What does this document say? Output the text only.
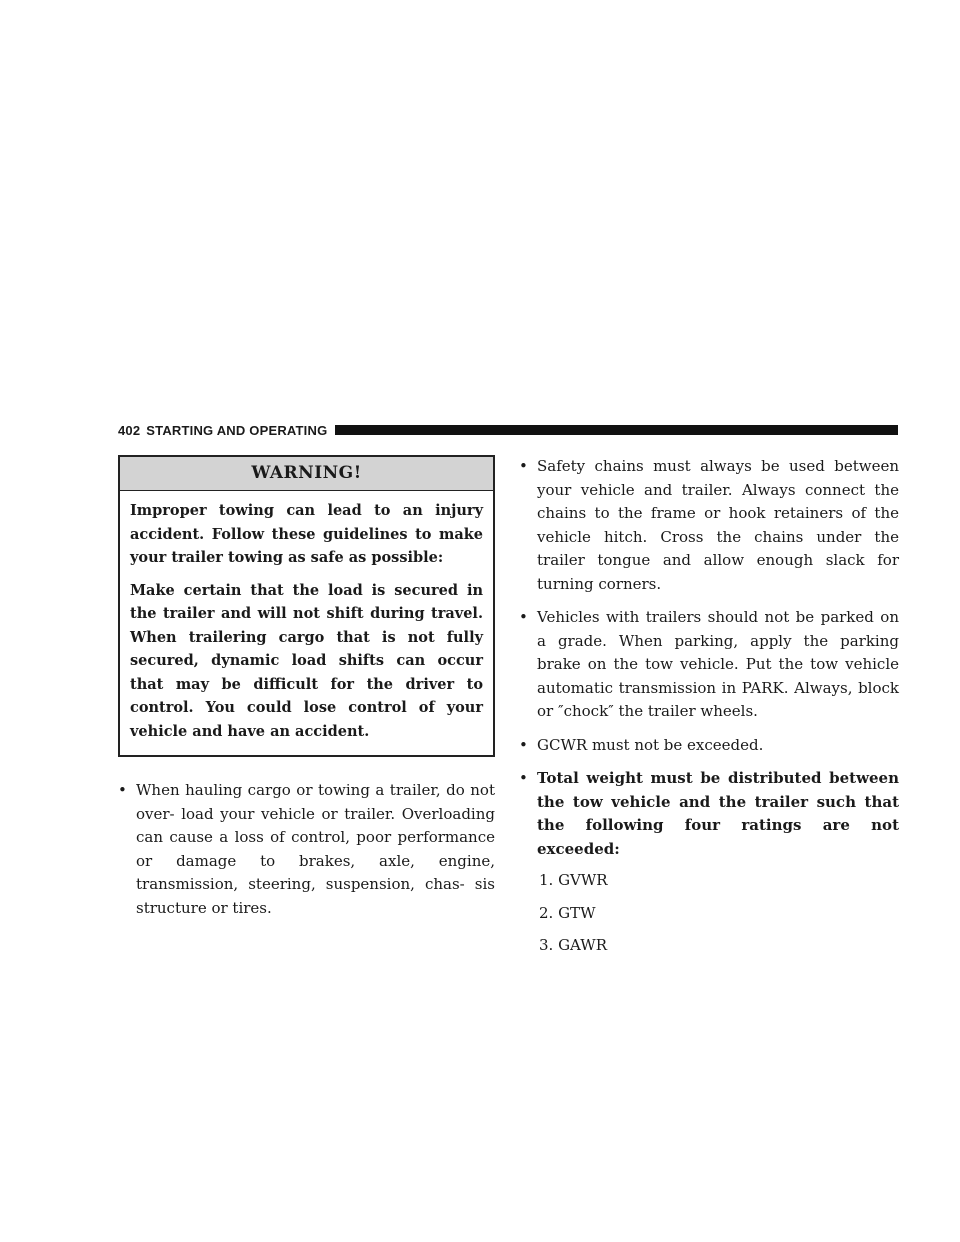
402 STARTING AND OPERATING
WARNING!

Improper towing can lead to an injury accident. Follow these guidelines to make your trailer towing as safe as possible:

Make certain that the load is secured in the trailer and will not shift during travel. When trailering cargo that is not fully secured, dynamic load shifts can occur that may be difficult for the driver to control. You could lose control of your vehicle and have an accident.

• When hauling cargo or towing a trailer, do not over- load your vehicle or trailer. Overloading can cause a loss of control, poor performance or damage to brakes, axle, engine, transmission, steering, suspension, chas- sis structure or tires.
• Safety chains must always be used between your vehicle and trailer. Always connect the chains to the frame or hook retainers of the vehicle hitch. Cross the chains under the trailer tongue and allow enough slack for turning corners.
• Vehicles with trailers should not be parked on a grade. When parking, apply the parking brake on the tow vehicle. Put the tow vehicle automatic transmission in PARK. Always, block or ″chock″ the trailer wheels.
• GCWR must not be exceeded.
• Total weight must be distributed between the tow vehicle and the trailer such that the following four ratings are not exceeded:
1. GVWR
2. GTW
3. GAWR
